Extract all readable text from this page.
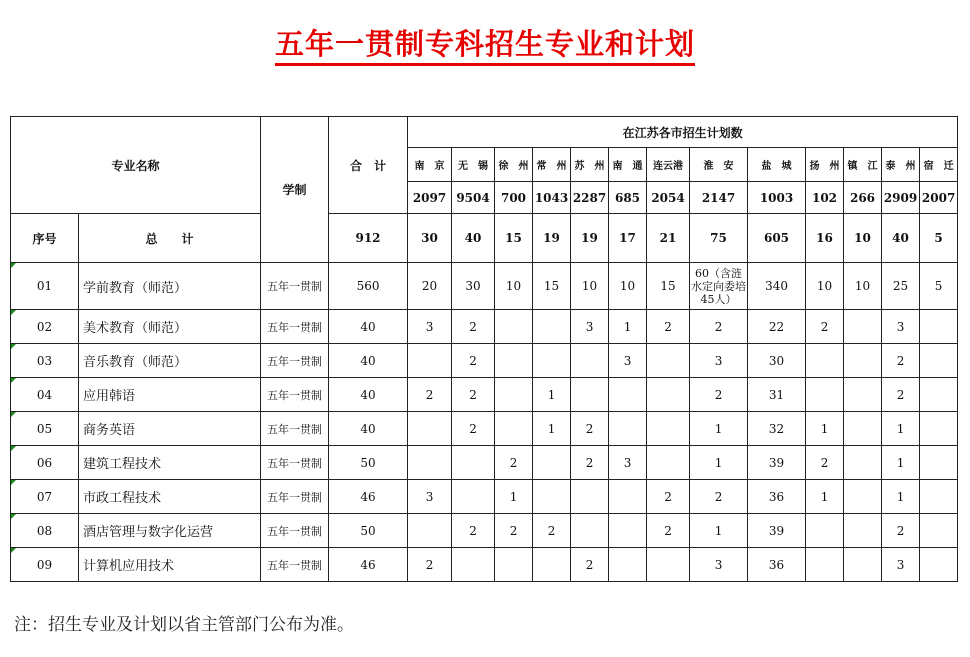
五年一贯制专科招生专业和计划
专业名称		学制	合　计	在江苏各市招生计划数												
				南　京	无　锡	徐　州	常　州	苏　州	南　通	连云港	淮　安	盐　城	扬　州	镇　江	泰　州	宿　迁
				2097	9504	700	1043	2287	685	2054	2147	1003	102	266	2909	2007
序号	总　　计		912	30	40	15	19	19	17	21	75	605	16	10	40	5
01	学前教育（师范）	五年一贯制	560	20	30	10	15	10	10	15	60（含涟水定向委培45人）	340	10	10	25	5
02	美术教育（师范）	五年一贯制	40	3	2			3	1	2	2	22	2		3	
03	音乐教育（师范）	五年一贯制	40		2				3		3	30			2	
04	应用韩语	五年一贯制	40	2	2		1				2	31			2	
05	商务英语	五年一贯制	40		2		1	2			1	32	1		1	
06	建筑工程技术	五年一贯制	50			2		2	3		1	39	2		1	
07	市政工程技术	五年一贯制	46	3		1				2	2	36	1		1	
08	酒店管理与数字化运营	五年一贯制	50		2	2	2			2	1	39			2	
09	计算机应用技术	五年一贯制	46	2				2			3	36			3	
注：招生专业及计划以省主管部门公布为准。
